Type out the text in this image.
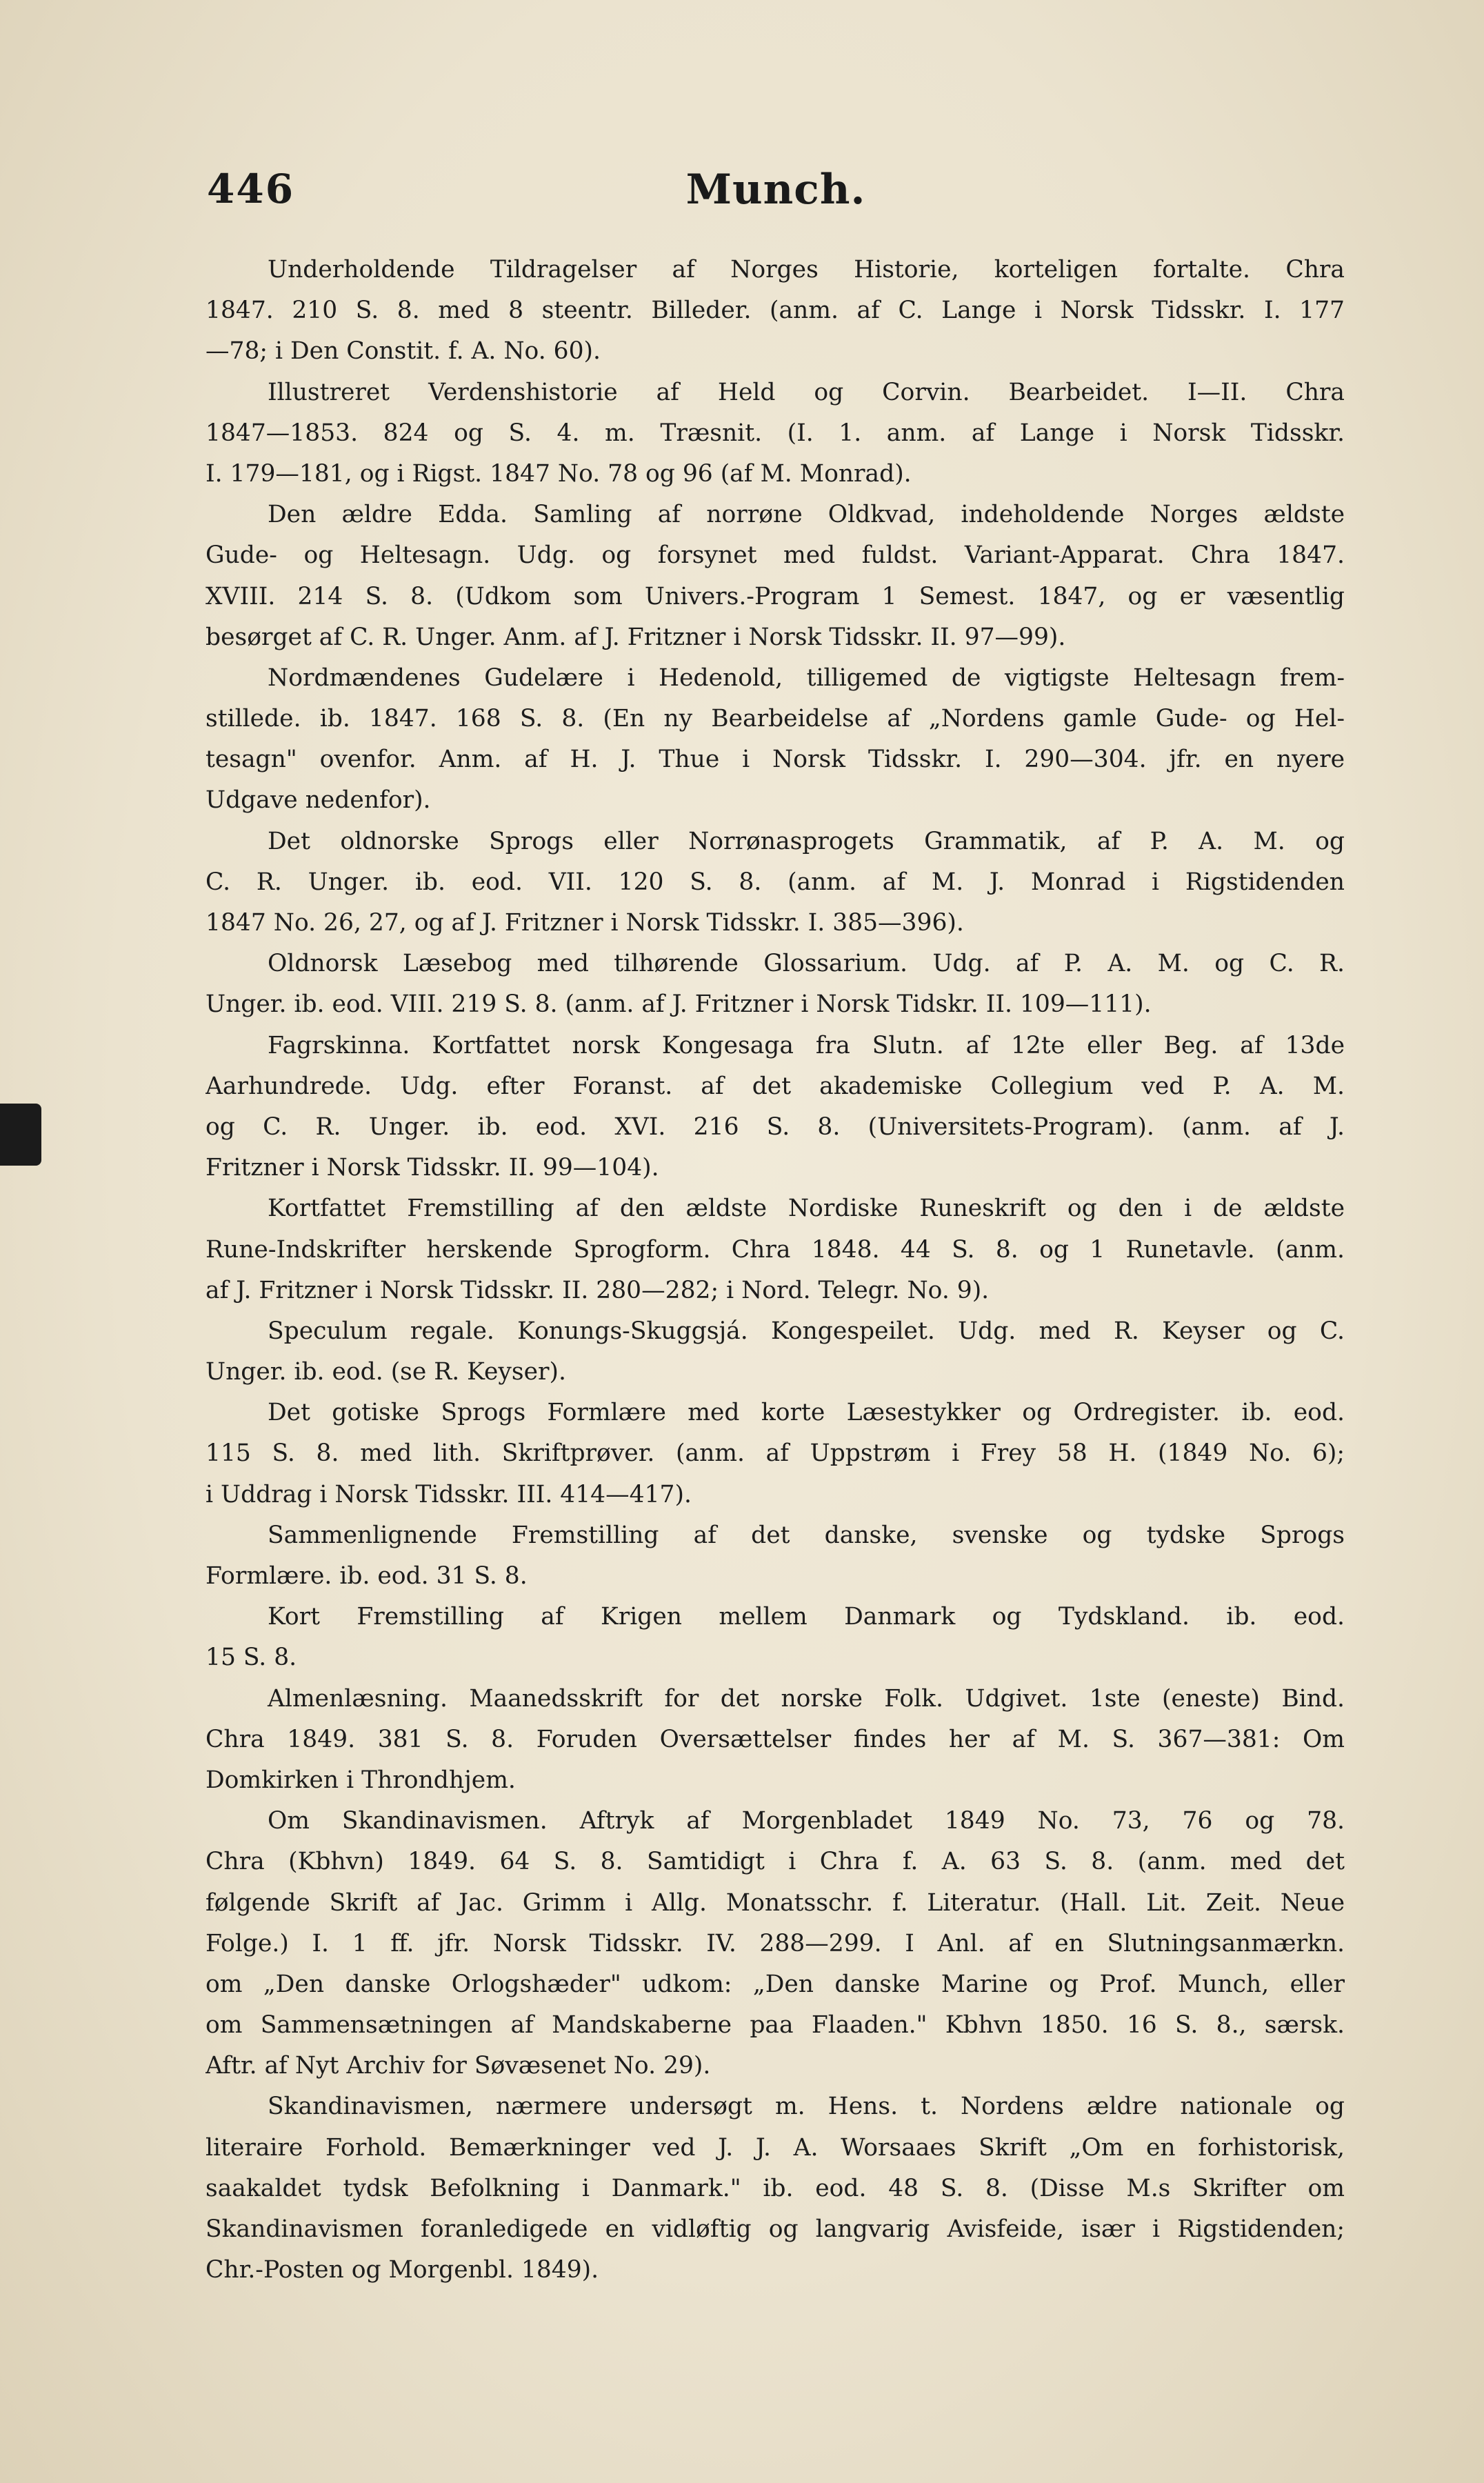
446	Munch.
Underholdende Tildragelser af Norges Historie, korteligen fortalte. Chra
1847. 210 S. 8. med 8 steentr. Billeder. (anm. af C. Lange i Norsk Tidsskr. I. 177
—78; i Den Constit. f. A. No. 60).
Illustreret Verdenshistorie af Held og Corvin. Bearbeidet. I—II. Chra
1847—1853. 824 og S. 4. m. Træsnit. (I. 1. anm. af Lange i Norsk Tidsskr.
I. 179—181, og i Rigst. 1847 No. 78 og 96 (af M. Monrad).
Den ældre Edda. Samling af norrøne Oldkvad, indeholdende Norges ældste
Gude- og Heltesagn. Udg. og forsynet med fuldst. Variant-Apparat. Chra 1847.
XVIII. 214 S. 8. (Udkom som Univers.-Program 1 Semest. 1847, og er væsentlig
besørget af C. R. Unger. Anm. af J. Fritzner i Norsk Tidsskr. II. 97—99).
Nordmændenes Gudelære i Hedenold, tilligemed de vigtigste Heltesagn frem-
stillede. ib. 1847. 168 S. 8. (En ny Bearbeidelse af „Nordens gamle Gude- og Hel-
tesagn" ovenfor. Anm. af H. J. Thue i Norsk Tidsskr. I. 290—304. jfr. en nyere
Udgave nedenfor).
Det oldnorske Sprogs eller Norrønasprogets Grammatik, af P. A. M. og
C. R. Unger. ib. eod. VII. 120 S. 8. (anm. af M. J. Monrad i Rigstidenden
1847 No. 26, 27, og af J. Fritzner i Norsk Tidsskr. I. 385—396).
Oldnorsk Læsebog med tilhørende Glossarium. Udg. af P. A. M. og C. R.
Unger. ib. eod. VIII. 219 S. 8. (anm. af J. Fritzner i Norsk Tidskr. II. 109—111).
Fagrskinna. Kortfattet norsk Kongesaga fra Slutn. af 12te eller Beg. af 13de
Aarhundrede. Udg. efter Foranst. af det akademiske Collegium ved P. A. M.
og C. R. Unger. ib. eod. XVI. 216 S. 8. (Universitets-Program). (anm. af J.
Fritzner i Norsk Tidsskr. II. 99—104).
Kortfattet Fremstilling af den ældste Nordiske Runeskrift og den i de ældste
Rune-Indskrifter herskende Sprogform. Chra 1848. 44 S. 8. og 1 Runetavle. (anm.
af J. Fritzner i Norsk Tidsskr. II. 280—282; i Nord. Telegr. No. 9).
Speculum regale. Konungs-Skuggsjá. Kongespeilet. Udg. med R. Keyser og C.
Unger. ib. eod. (se R. Keyser).
Det gotiske Sprogs Formlære med korte Læsestykker og Ordregister. ib. eod.
115 S. 8. med lith. Skriftprøver. (anm. af Uppstrøm i Frey 58 H. (1849 No. 6);
i Uddrag i Norsk Tidsskr. III. 414—417).
Sammenlignende Fremstilling af det danske, svenske og tydske Sprogs
Formlære. ib. eod. 31 S. 8.
Kort Fremstilling af Krigen mellem Danmark og Tydskland. ib. eod.
15 S. 8.
Almenlæsning. Maanedsskrift for det norske Folk. Udgivet. 1ste (eneste) Bind.
Chra 1849. 381 S. 8. Foruden Oversættelser findes her af M. S. 367—381: Om
Domkirken i Throndhjem.
Om Skandinavismen. Aftryk af Morgenbladet 1849 No. 73, 76 og 78.
Chra (Kbhvn) 1849. 64 S. 8. Samtidigt i Chra f. A. 63 S. 8. (anm. med det
følgende Skrift af Jac. Grimm i Allg. Monatsschr. f. Literatur. (Hall. Lit. Zeit. Neue
Folge.) I. 1 ff. jfr. Norsk Tidsskr. IV. 288—299. I Anl. af en Slutningsanmærkn.
om „Den danske Orlogshæder" udkom: „Den danske Marine og Prof. Munch, eller
om Sammensætningen af Mandskaberne paa Flaaden." Kbhvn 1850. 16 S. 8., særsk.
Aftr. af Nyt Archiv for Søvæsenet No. 29).
Skandinavismen, nærmere undersøgt m. Hens. t. Nordens ældre nationale og
literaire Forhold. Bemærkninger ved J. J. A. Worsaaes Skrift „Om en forhistorisk,
saakaldet tydsk Befolkning i Danmark." ib. eod. 48 S. 8. (Disse M.s Skrifter om
Skandinavismen foranledigede en vidløftig og langvarig Avisfeide, især i Rigstidenden;
Chr.-Posten og Morgenbl. 1849).
